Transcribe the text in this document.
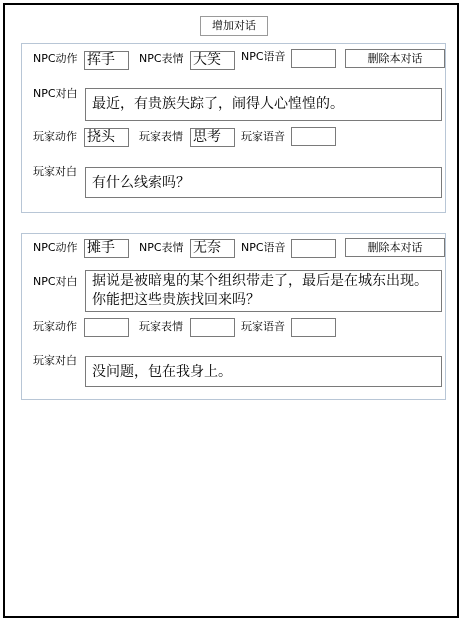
增加对话
NPC动作 挥手	NPC表情 大笑	NPC语音	删除本对话
NPC对白
最近，有贵族失踪了，闹得人心惶惶的。
玩家动作 挠头	玩家表情 思考	玩家语音
玩家对白
有什么线索吗？
NPC动作 摊手	NPC表情 无奈	NPC语音	删除本对话
NPC对白	据说是被暗鬼的某个组织带走了，最后是在城东出现。你能把这些贵族找回来吗？
玩家动作	玩家表情	玩家语音
玩家对白
没问题，包在我身上。
